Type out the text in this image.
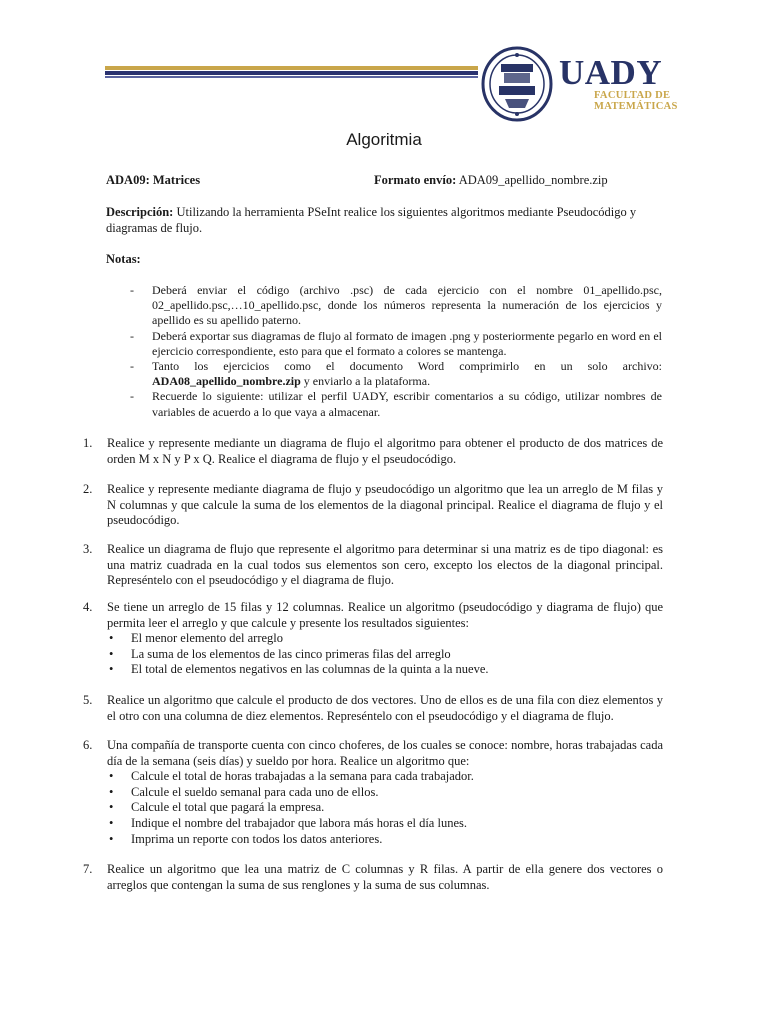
UADY
FACULTAD DE
MATEMÁTICAS
Algoritmia
ADA09: Matrices	Formato envío: ADA09_apellido_nombre.zip
Descripción: Utilizando la herramienta PSeInt realice los siguientes algoritmos mediante Pseudocódigo y diagramas de flujo.
Notas:
- Deberá enviar el código (archivo .psc) de cada ejercicio con el nombre 01_apellido.psc, 02_apellido.psc,…10_apellido.psc, donde los números representa la numeración de los ejercicios y apellido es su apellido paterno.
- Deberá exportar sus diagramas de flujo al formato de imagen .png y posteriormente pegarlo en word en el ejercicio correspondiente, esto para que el formato a colores se mantenga.
- Tanto los ejercicios como el documento Word comprimirlo en un solo archivo: ADA08_apellido_nombre.zip y enviarlo a la plataforma.
- Recuerde lo siguiente: utilizar el perfil UADY, escribir comentarios a su código, utilizar nombres de variables de acuerdo a lo que vaya a almacenar.
1. Realice y represente mediante un diagrama de flujo el algoritmo para obtener el producto de dos matrices de orden M x N y P x Q. Realice el diagrama de flujo y el pseudocódigo.
2. Realice y represente mediante diagrama de flujo y pseudocódigo un algoritmo que lea un arreglo de M filas y N columnas y que calcule la suma de los elementos de la diagonal principal. Realice el diagrama de flujo y el pseudocódigo.
3. Realice un diagrama de flujo que represente el algoritmo para determinar si una matriz es de tipo diagonal: es una matriz cuadrada en la cual todos sus elementos son cero, excepto los electos de la diagonal principal. Represéntelo con el pseudocódigo y el diagrama de flujo.
4. Se tiene un arreglo de 15 filas y 12 columnas. Realice un algoritmo (pseudocódigo y diagrama de flujo) que permita leer el arreglo y que calcule y presente los resultados siguientes:
• El menor elemento del arreglo
• La suma de los elementos de las cinco primeras filas del arreglo
• El total de elementos negativos en las columnas de la quinta a la nueve.
5. Realice un algoritmo que calcule el producto de dos vectores. Uno de ellos es de una fila con diez elementos y el otro con una columna de diez elementos. Represéntelo con el pseudocódigo y el diagrama de flujo.
6. Una compañía de transporte cuenta con cinco choferes, de los cuales se conoce: nombre, horas trabajadas cada día de la semana (seis días) y sueldo por hora. Realice un algoritmo que:
• Calcule el total de horas trabajadas a la semana para cada trabajador.
• Calcule el sueldo semanal para cada uno de ellos.
• Calcule el total que pagará la empresa.
• Indique el nombre del trabajador que labora más horas el día lunes.
• Imprima un reporte con todos los datos anteriores.
7. Realice un algoritmo que lea una matriz de C columnas y R filas. A partir de ella genere dos vectores o arreglos que contengan la suma de sus renglones y la suma de sus columnas.
